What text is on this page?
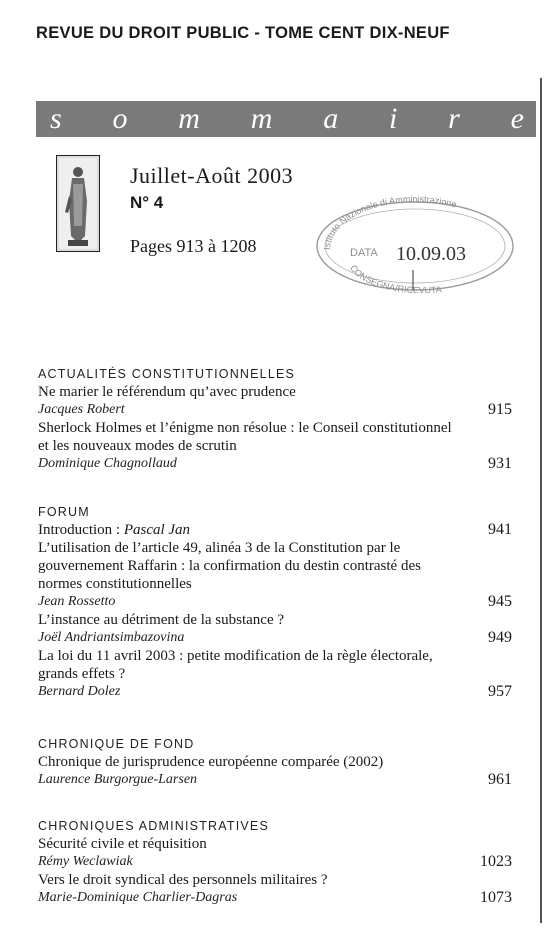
REVUE DU DROIT PUBLIC - TOME CENT DIX-NEUF
s o m m a i r e
Juillet-Août 2003
N° 4
Pages 913 à 1208	Istituto Nazionale di Amministrazione
DATA 10.09.03
CONSEGNA/RICEVUTA
ACTUALITÉS CONSTITUTIONNELLES
Ne marier le référendum qu’avec prudence
Jacques Robert	915
Sherlock Holmes et l’énigme non résolue : le Conseil constitutionnel et les nouveaux modes de scrutin
Dominique Chagnollaud	931
FORUM
Introduction : Pascal Jan	941
L’utilisation de l’article 49, alinéa 3 de la Constitution par le gouvernement Raffarin : la confirmation du destin contrasté des normes constitutionnelles
Jean Rossetto	945
L’instance au détriment de la substance ?
Joël Andriantsimbazovina	949
La loi du 11 avril 2003 : petite modification de la règle électorale, grands effets ?
Bernard Dolez	957
CHRONIQUE DE FOND
Chronique de jurisprudence européenne comparée (2002)
Laurence Burgorgue-Larsen	961
CHRONIQUES ADMINISTRATIVES
Sécurité civile et réquisition
Rémy Weclawiak	1023
Vers le droit syndical des personnels militaires ?
Marie-Dominique Charlier-Dagras	1073
